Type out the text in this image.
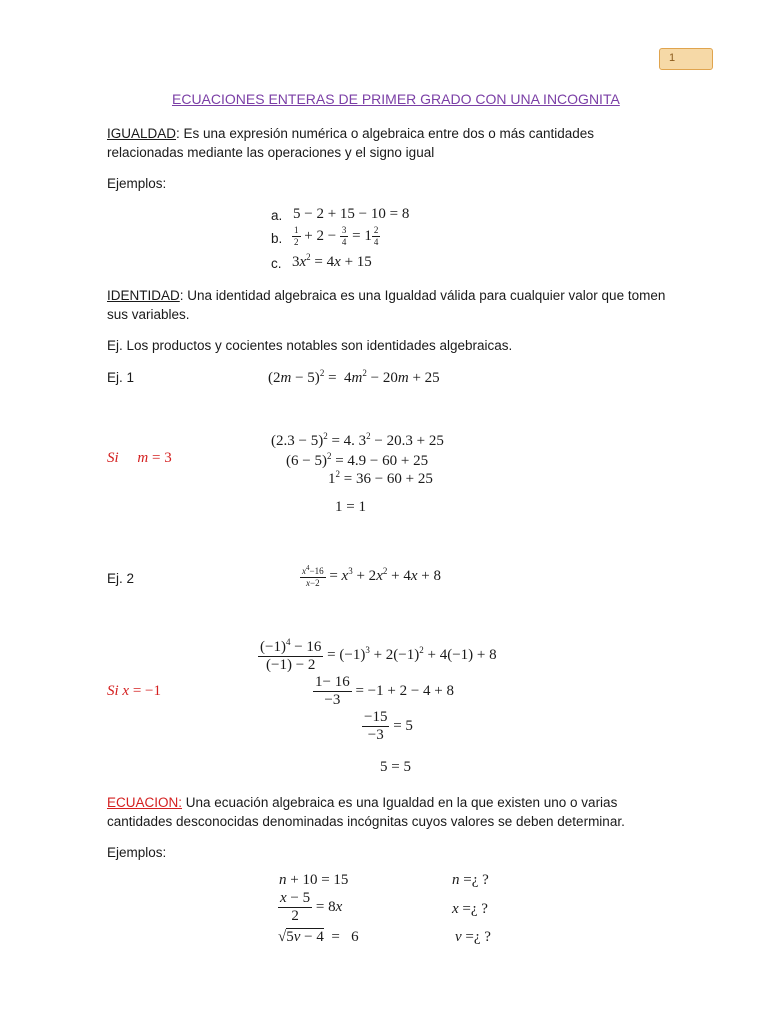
1
ECUACIONES ENTERAS DE PRIMER GRADO CON UNA INCOGNITA
IGUALDAD: Es una expresión numérica o algebraica entre dos o más cantidades relacionadas mediante las operaciones y el signo igual
Ejemplos:
a. 5 − 2 + 15 − 10 = 8
b. $\frac{1}{2} + 2 - \frac{3}{4} = 1 \frac{2}{4}$
c. $3x^2 = 4x + 15$
IDENTIDAD: Una identidad algebraica es una Igualdad válida para cualquier valor que tomen sus variables.
Ej. Los productos y cocientes notables son identidades algebraicas.
Ej. 1	$(2m - 5)^2 = 4m^2 - 20m + 25$
$(2.3 - 5)^2 = 4$. $3^2 - 20.3 + 25$
$(6 - 5)^2 = 4.9 - 60 + 25$
Si m = 3
$1^2 = 36 - 60 + 25$
1 = 1
Ej. 2	$\frac{x^4-16}{x-2} = x^3 + 2x^2 + 4x + 8$
$\frac{(-1)^4 - 16}{(-1) - 2} = (-1)^3 + 2(-1)^2 + 4(-1) + 8$
Si x = −1	$\frac{1- 16}{-3} = -1 + 2 - 4 + 8$
$\frac{-15}{-3} = 5$
5 = 5
ECUACION: Una ecuación algebraica es una Igualdad en la que existen uno o varias cantidades desconocidas denominadas incógnitas cuyos valores se deben determinar.
Ejemplos:
n + 10 = 15	n =¿ ?
$\frac{x - 5}{2} = 8x$	x =¿ ?
√5v − 4  =   6	v =¿ ?
